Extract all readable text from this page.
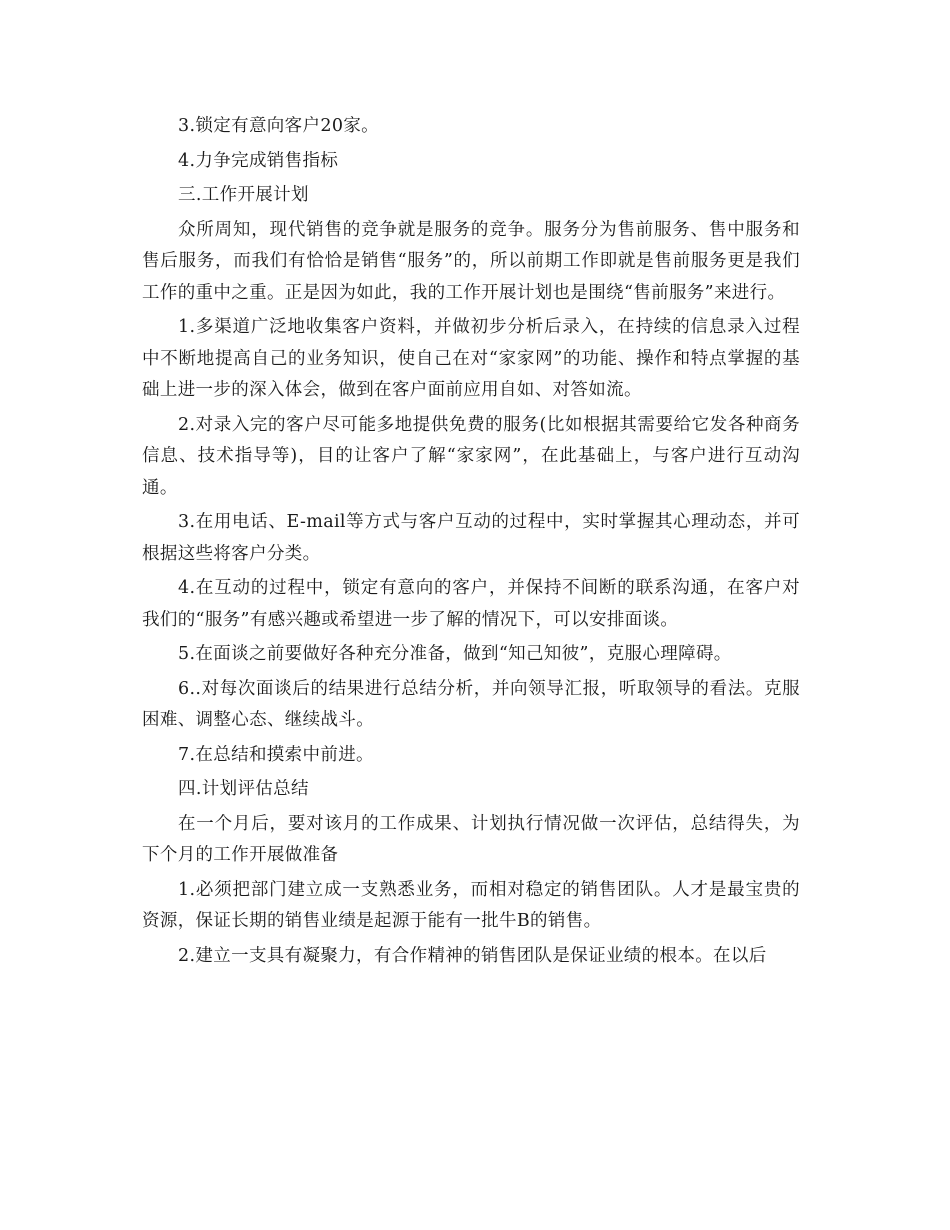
3.锁定有意向客户20家。

4.力争完成销售指标

三.工作开展计划

众所周知，现代销售的竞争就是服务的竞争。服务分为售前服务、售中服务和售后服务，而我们有恰恰是销售“服务”的，所以前期工作即就是售前服务更是我们工作的重中之重。正是因为如此，我的工作开展计划也是围绕“售前服务”来进行。

1.多渠道广泛地收集客户资料，并做初步分析后录入，在持续的信息录入过程中不断地提高自己的业务知识，使自己在对“家家网”的功能、操作和特点掌握的基础上进一步的深入体会，做到在客户面前应用自如、对答如流。

2.对录入完的客户尽可能多地提供免费的服务(比如根据其需要给它发各种商务信息、技术指导等)，目的让客户了解“家家网”，在此基础上，与客户进行互动沟通。

3.在用电话、E-mail等方式与客户互动的过程中，实时掌握其心理动态，并可根据这些将客户分类。

4.在互动的过程中，锁定有意向的客户，并保持不间断的联系沟通，在客户对我们的“服务”有感兴趣或希望进一步了解的情况下，可以安排面谈。

5.在面谈之前要做好各种充分准备，做到“知己知彼”，克服心理障碍。

6..对每次面谈后的结果进行总结分析，并向领导汇报，听取领导的看法。克服困难、调整心态、继续战斗。

7.在总结和摸索中前进。

四.计划评估总结

在一个月后，要对该月的工作成果、计划执行情况做一次评估，总结得失，为下个月的工作开展做准备

1.必须把部门建立成一支熟悉业务，而相对稳定的销售团队。人才是最宝贵的资源，保证长期的销售业绩是起源于能有一批牛B的销售。

2.建立一支具有凝聚力，有合作精神的销售团队是保证业绩的根本。在以后
